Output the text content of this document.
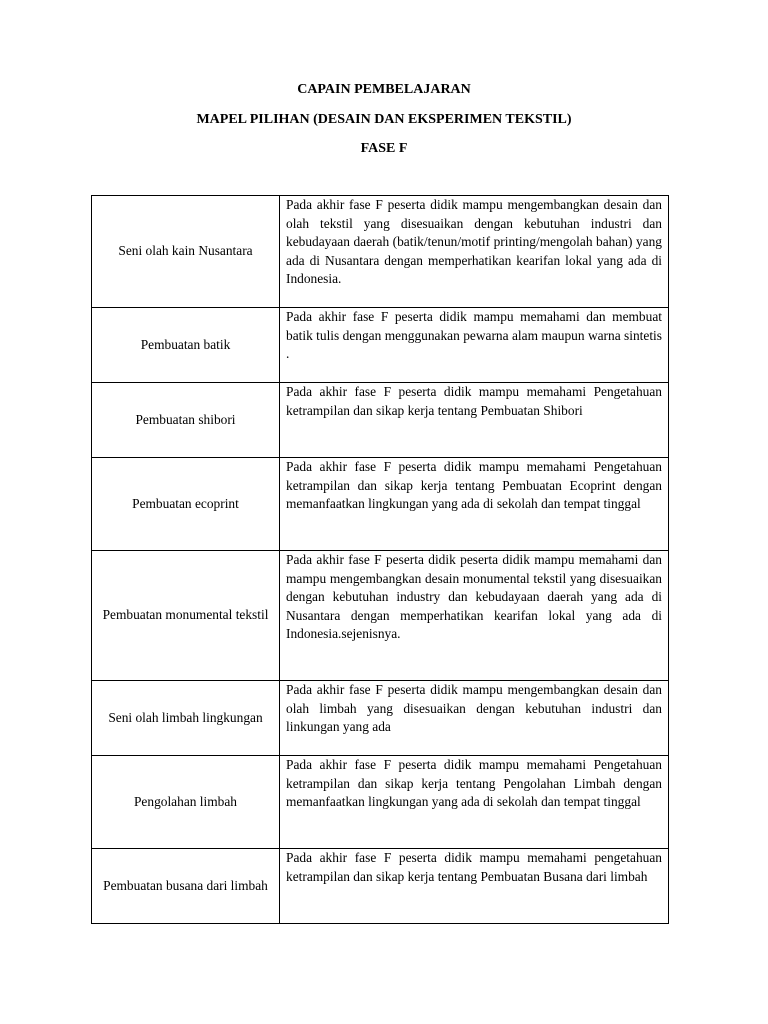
CAPAIN PEMBELAJARAN
MAPEL PILIHAN (DESAIN DAN EKSPERIMEN TEKSTIL)
FASE F
Seni olah kain Nusantara	Pada akhir fase F peserta didik mampu mengembangkan desain dan olah tekstil yang disesuaikan dengan kebutuhan industri dan kebudayaan daerah (batik/tenun/motif printing/mengolah bahan) yang ada di Nusantara dengan memperhatikan kearifan lokal yang ada di Indonesia.
Pembuatan batik	Pada akhir fase F peserta didik mampu memahami dan membuat batik tulis dengan menggunakan pewarna alam maupun warna sintetis .
Pembuatan shibori	Pada akhir fase F peserta didik mampu memahami Pengetahuan ketrampilan dan sikap kerja tentang Pembuatan Shibori
Pembuatan ecoprint	Pada akhir fase F peserta didik mampu memahami Pengetahuan ketrampilan dan sikap kerja tentang Pembuatan Ecoprint dengan memanfaatkan lingkungan yang ada di sekolah dan tempat tinggal
Pembuatan monumental tekstil	Pada akhir fase F peserta didik peserta didik mampu memahami dan mampu mengembangkan desain monumental tekstil yang disesuaikan dengan kebutuhan industry dan kebudayaan daerah yang ada di Nusantara dengan memperhatikan kearifan lokal yang ada di Indonesia.sejenisnya.
Seni olah limbah lingkungan	Pada akhir fase F peserta didik mampu mengembangkan desain dan olah limbah yang disesuaikan dengan kebutuhan industri dan linkungan yang ada
Pengolahan limbah	Pada akhir fase F peserta didik mampu memahami Pengetahuan ketrampilan dan sikap kerja tentang Pengolahan Limbah dengan memanfaatkan lingkungan yang ada di sekolah dan tempat tinggal
Pembuatan busana dari limbah	Pada akhir fase F peserta didik mampu memahami pengetahuan ketrampilan dan sikap kerja tentang Pembuatan Busana dari limbah
